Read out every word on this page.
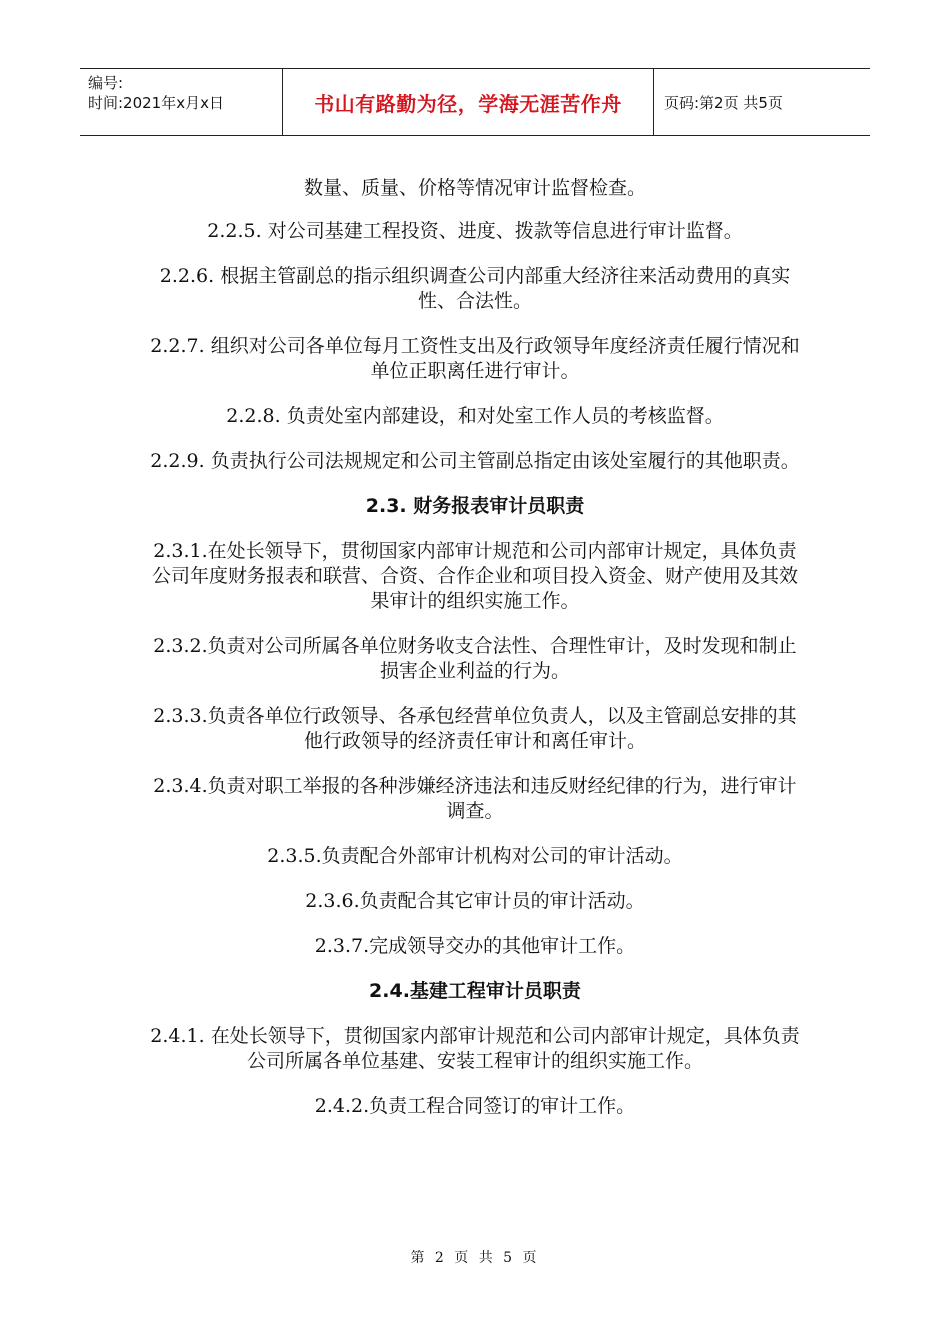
编号:
时间:2021年x月x日	书山有路勤为径，学海无涯苦作舟	页码:第2页 共5页

数量、质量、价格等情况审计监督检查。

2.2.5. 对公司基建工程投资、进度、拨款等信息进行审计监督。

2.2.6. 根据主管副总的指示组织调查公司内部重大经济往来活动费用的真实性、合法性。

2.2.7. 组织对公司各单位每月工资性支出及行政领导年度经济责任履行情况和单位正职离任进行审计。

2.2.8. 负责处室内部建设，和对处室工作人员的考核监督。

2.2.9. 负责执行公司法规规定和公司主管副总指定由该处室履行的其他职责。

2.3. 财务报表审计员职责

2.3.1.在处长领导下，贯彻国家内部审计规范和公司内部审计规定，具体负责公司年度财务报表和联营、合资、合作企业和项目投入资金、财产使用及其效果审计的组织实施工作。

2.3.2.负责对公司所属各单位财务收支合法性、合理性审计，及时发现和制止损害企业利益的行为。

2.3.3.负责各单位行政领导、各承包经营单位负责人，以及主管副总安排的其他行政领导的经济责任审计和离任审计。

2.3.4.负责对职工举报的各种涉嫌经济违法和违反财经纪律的行为，进行审计调查。

2.3.5.负责配合外部审计机构对公司的审计活动。

2.3.6.负责配合其它审计员的审计活动。

2.3.7.完成领导交办的其他审计工作。

2.4.基建工程审计员职责

2.4.1. 在处长领导下，贯彻国家内部审计规范和公司内部审计规定，具体负责公司所属各单位基建、安装工程审计的组织实施工作。

2.4.2.负责工程合同签订的审计工作。

第 2 页 共 5 页
